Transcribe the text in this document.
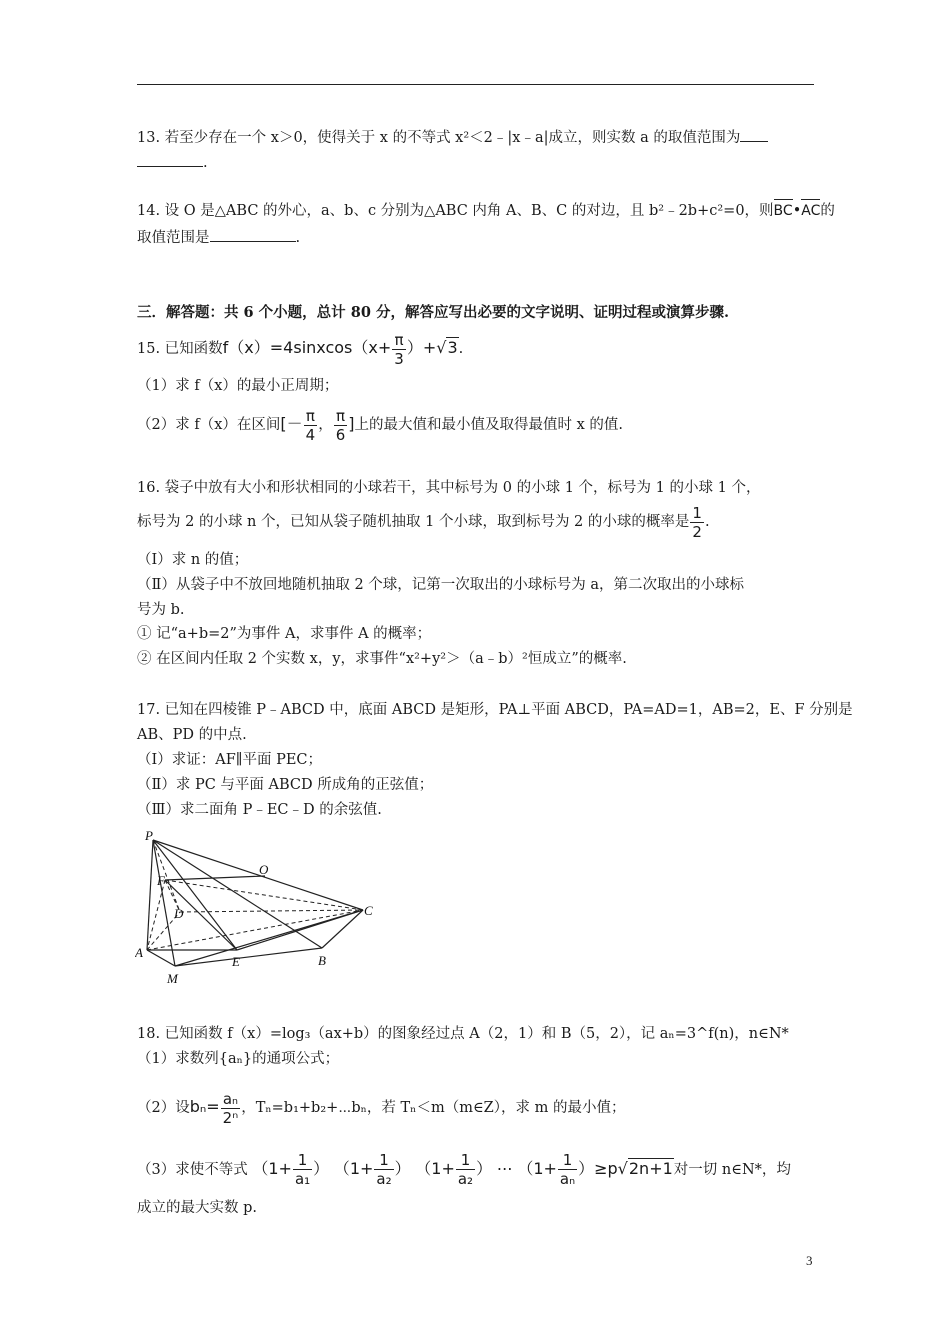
13. 若至少存在一个 x＞0，使得关于 x 的不等式 x²＜2﹣|x﹣a|成立，则实数 a 的取值范围为
.
14. 设 O 是△ABC 的外心，a、b、c 分别为△ABC 内角 A、B、C 的对边，且 b²﹣2b+c²=0，则BC•AC的
取值范围是	.
三．解答题：共 6 个小题，总计 80 分，解答应写出必要的文字说明、证明过程或演算步骤.
15. 已知函数f（x）=4sinxcos（x+ $\frac{\pi}{3} )+√3$.
（1）求 f（x）的最小正周期；
（2）求 f（x）在区间[－ $\frac{\pi}{4}$ ， $\frac{\pi}{6}$ ]上的最大值和最小值及取得最值时 x 的值.
16. 袋子中放有大小和形状相同的小球若干，其中标号为 0 的小球 1 个，标号为 1 的小球 1 个，
标号为 2 的小球 n 个，已知从袋子随机抽取 1 个小球，取到标号为 2 的小球的概率是 $\frac{1}{2}$ .
（Ⅰ）求 n 的值；
（Ⅱ）从袋子中不放回地随机抽取 2 个球，记第一次取出的小球标号为 a，第二次取出的小球标
号为 b.
① 记“a+b=2”为事件 A，求事件 A 的概率；
② 在区间内任取 2 个实数 x，y，求事件“x²+y²＞（a﹣b）²恒成立”的概率.
17. 已知在四棱锥 P﹣ABCD 中，底面 ABCD 是矩形，PA⊥平面 ABCD，PA=AD=1，AB=2，E、F 分别是
AB、PD 的中点.
（Ⅰ）求证：AF∥平面 PEC；
（Ⅱ）求 PC 与平面 ABCD 所成角的正弦值；
（Ⅲ）求二面角 P﹣EC﹣D 的余弦值.
P
O
F
D	C
A
E	B
M
18. 已知函数 f（x）=log₃（ax+b）的图象经过点 A（2，1）和 B（5，2），记 aₙ=3^f(n)，n∈N*
（1）求数列{aₙ}的通项公式；
（2）设$b_n= \frac{\text{aₙ}}{\text{2ⁿ}}$ ，Tₙ=b₁+b₂+⋯bₙ，若 Tₙ＜m（m∈Z），求 m 的最小值；
（3）求使不等式 （$1+ \frac{1}{\text{a₁}}$ ） （$1+ \frac{1}{\text{a₂}}$ ） （$1+ \frac{1}{\text{a₂}}$ ） ⋯ $(1+ \frac{1}{\text{aₙ}} )\ge p√2n+1$对一切 n∈N*，均
成立的最大实数 p.
3
